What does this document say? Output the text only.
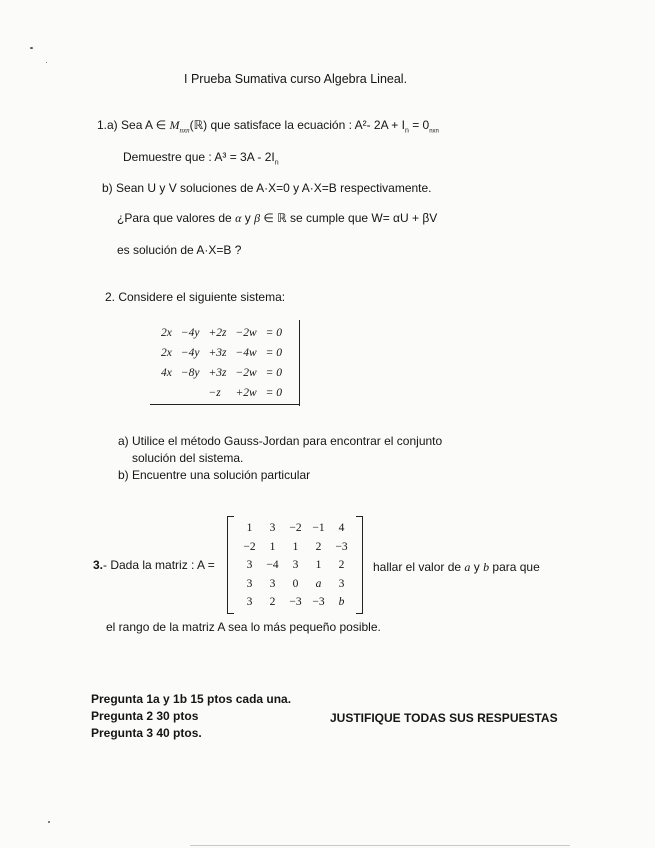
I Prueba Sumativa curso Algebra Lineal.
1.a) Sea A ∈ $M_{nxn}(ℝ)$ que satisface la ecuación : A²- $2A + I_n = 0_{nxn}$
Demuestre que : $A^3 = 3A - 2I_n$
b) Sean U y V soluciones de A·X=0 y A·X=B respectivamente.
¿Para que valores de α y β ∈ ℝ se cumple que W= αU + βV
es solución de A·X=B ?
2. Considere el siguiente sistema:
2x	−4y	+2z	−2w	= 0
2x	−4y	+3z	−4w	= 0
4x	−8y	+3z	−2w	= 0
		−z	+2w	= 0
a) Utilice el método Gauss-Jordan para encontrar el conjunto
solución del sistema.
b) Encuentre una solución particular
3.- Dada la matriz : A =
1	3	−2	−1	4
−2	1	1	2	−3
3	−4	3	1	2
3	3	0	a	3
3	2	−3	−3	b
hallar el valor de a y b para que
el rango de la matriz A sea lo más pequeño posible.
Pregunta 1a y 1b 15 ptos cada una.
Pregunta 2 30 ptos
Pregunta 3 40 ptos.
JUSTIFIQUE TODAS SUS RESPUESTAS
